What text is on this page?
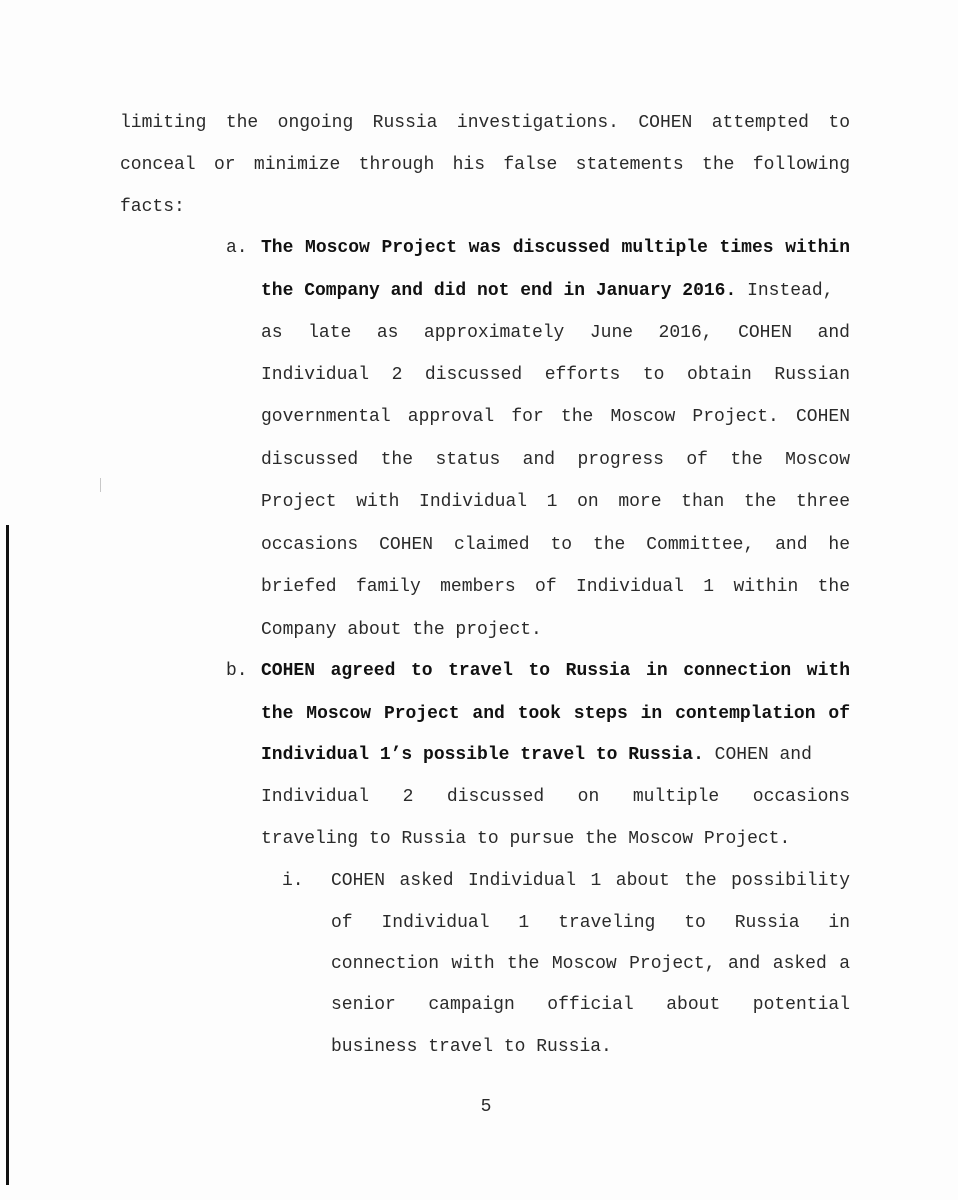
limiting the ongoing Russia investigations. COHEN attempted to
conceal or minimize through his false statements the following
facts:
a. The Moscow Project was discussed multiple times within
the Company and did not end in January 2016. Instead,
as late as approximately June 2016, COHEN and
Individual 2 discussed efforts to obtain Russian
governmental approval for the Moscow Project. COHEN
discussed the status and progress of the Moscow
Project with Individual 1 on more than the three
occasions COHEN claimed to the Committee, and he
briefed family members of Individual 1 within the
Company about the project.
b. COHEN agreed to travel to Russia in connection with
the Moscow Project and took steps in contemplation of
Individual 1’s possible travel to Russia. COHEN and
Individual 2 discussed on multiple occasions
traveling to Russia to pursue the Moscow Project.
i. COHEN asked Individual 1 about the possibility
of Individual 1 traveling to Russia in
connection with the Moscow Project, and asked a
senior campaign official about potential
business travel to Russia.
5
